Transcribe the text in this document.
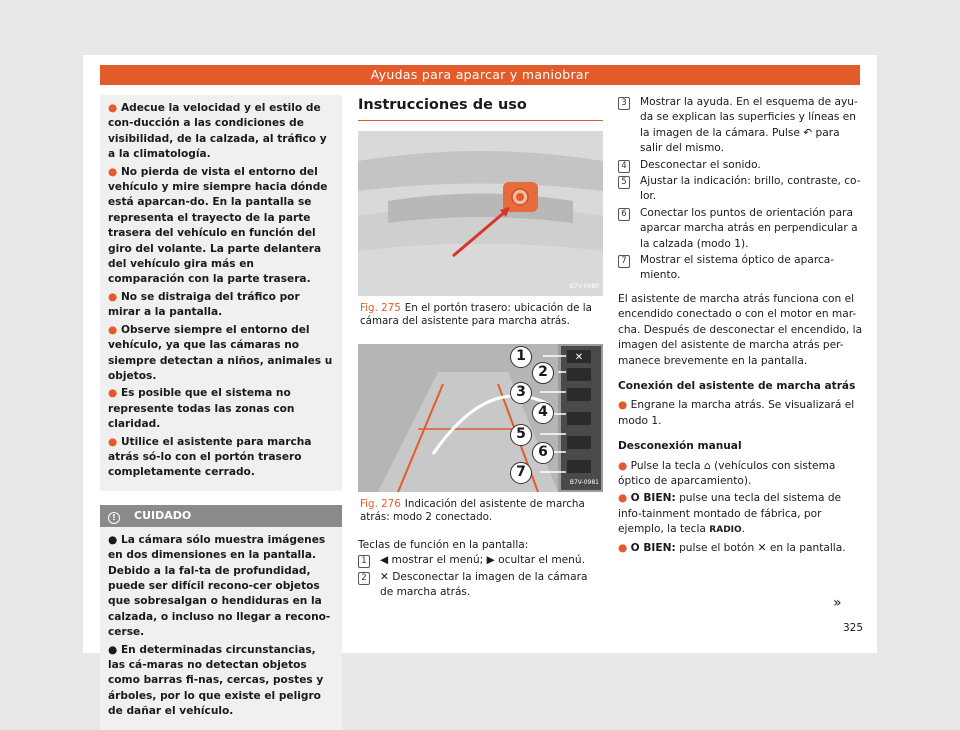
Ayudas para aparcar y maniobrar
● Adecue la velocidad y el estilo de con-ducción a las condiciones de visibilidad, de la calzada, al tráfico y a la climatología.
● No pierda de vista el entorno del vehículo y mire siempre hacia dónde está aparcan-do. En la pantalla se representa el trayecto de la parte trasera del vehículo en función del giro del volante. La parte delantera del vehículo gira más en comparación con la parte trasera.
● No se distraiga del tráfico por mirar a la pantalla.
● Observe siempre el entorno del vehículo, ya que las cámaras no siempre detectan a niños, animales u objetos.
● Es posible que el sistema no represente todas las zonas con claridad.
● Utilice el asistente para marcha atrás só-lo con el portón trasero completamente cerrado.
! CUIDADO
● La cámara sólo muestra imágenes en dos dimensiones en la pantalla. Debido a la fal-ta de profundidad, puede ser difícil recono-cer objetos que sobresalgan o hendiduras en la calzada, o incluso no llegar a recono-cerse.
● En determinadas circunstancias, las cá-maras no detectan objetos como barras fi-nas, cercas, postes y árboles, por lo que existe el peligro de dañar el vehículo.
Instrucciones de uso
B7V-0980
Fig. 275 En el portón trasero: ubicación de la cámara del asistente para marcha atrás.
✕
1
2
3
4
5
6
7
B7V-0981
Fig. 276 Indicación del asistente de marcha atrás: modo 2 conectado.
Teclas de función en la pantalla:
1	◀ mostrar el menú; ▶ ocultar el menú.
2	✕ Desconectar la imagen de la cámara de marcha atrás.
3	Mostrar la ayuda. En el esquema de ayu-da se explican las superficies y líneas en la imagen de la cámara. Pulse ↶ para salir del mismo.
4	Desconectar el sonido.
5	Ajustar la indicación: brillo, contraste, co-lor.
6	Conectar los puntos de orientación para aparcar marcha atrás en perpendicular a la calzada (modo 1).
7	Mostrar el sistema óptico de aparca-miento.
El asistente de marcha atrás funciona con el encendido conectado o con el motor en mar-cha. Después de desconectar el encendido, la imagen del asistente de marcha atrás per-manece brevemente en la pantalla.
Conexión del asistente de marcha atrás
● Engrane la marcha atrás. Se visualizará el modo 1.
Desconexión manual
● Pulse la tecla ⌂ (vehículos con sistema óptico de aparcamiento).
● O BIEN: pulse una tecla del sistema de info-tainment montado de fábrica, por ejemplo, la tecla RADIO.
● O BIEN: pulse el botón ✕ en la pantalla.
»
325
